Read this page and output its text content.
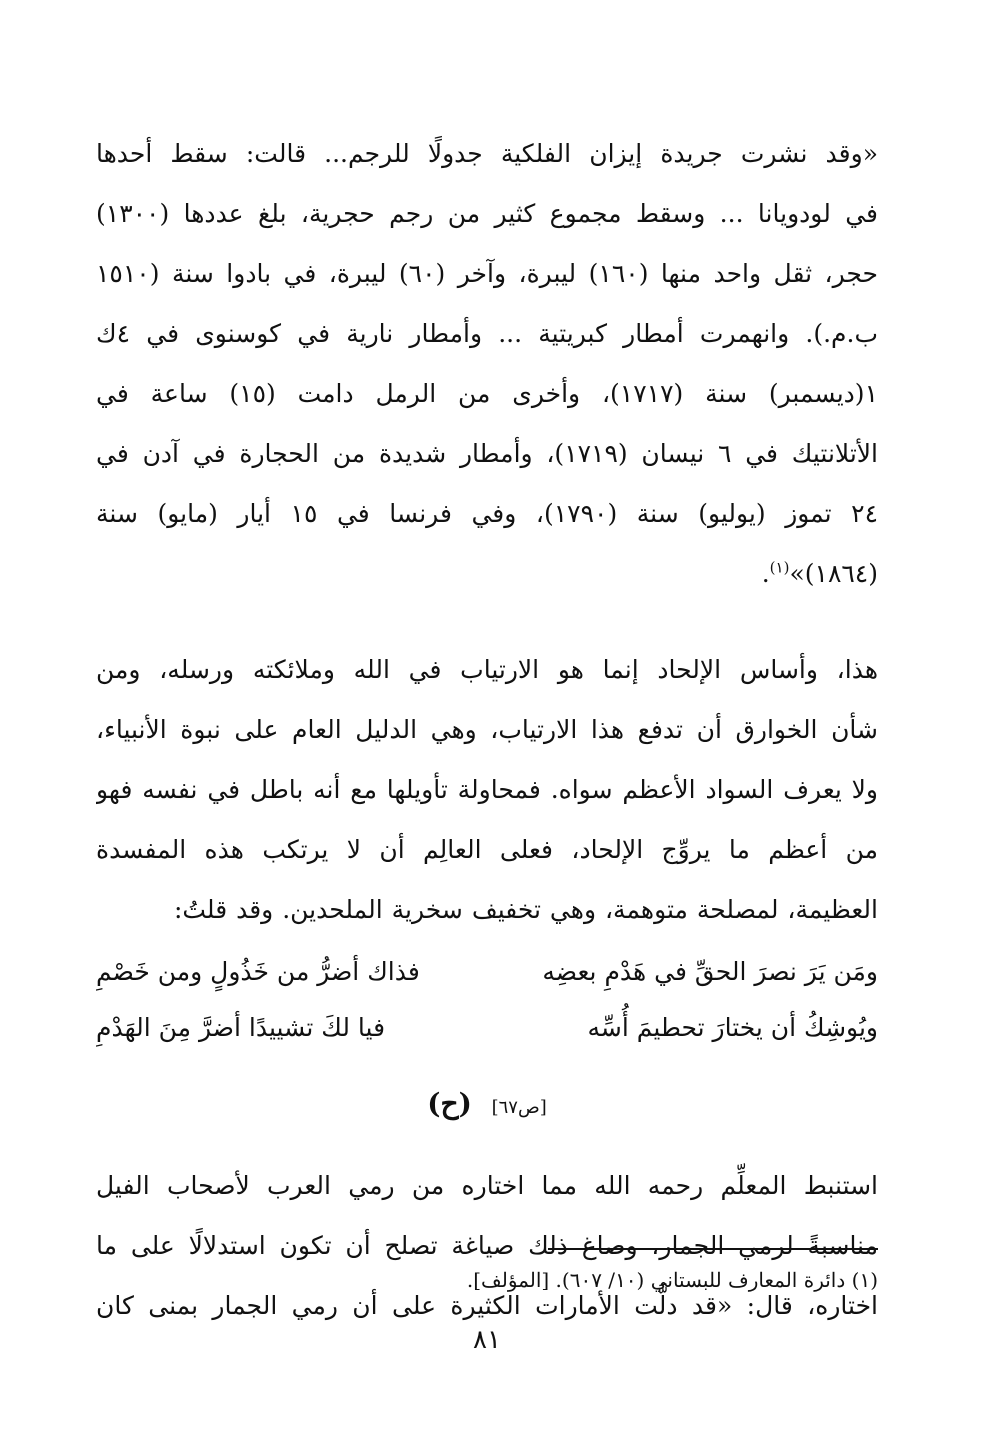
«وقد نشرت جريدة إيزان الفلكية جدولًا للرجم... قالت: سقط أحدها
في لودويانا ... وسقط مجموع كثير من رجم حجرية، بلغ عددها (١٣٠٠)
حجر، ثقل واحد منها (١٦٠) ليبرة، وآخر (٦٠) ليبرة، في بادوا سنة (١٥١٠
ب.م.). وانهمرت أمطار كبريتية ... وأمطار نارية في كوسنوى في ٤ك
١(ديسمبر) سنة (١٧١٧)، وأخرى من الرمل دامت (١٥) ساعة في
الأتلانتيك في ٦ نيسان (١٧١٩)، وأمطار شديدة من الحجارة في آدن في
٢٤ تموز (يوليو) سنة (١٧٩٠)، وفي فرنسا في ١٥ أيار (مايو) سنة
(١٨٦٤)»$^{(١)}$.

هذا، وأساس الإلحاد إنما هو الارتياب في الله وملائكته ورسله، ومن
شأن الخوارق أن تدفع هذا الارتياب، وهي الدليل العام على نبوة الأنبياء،
ولا يعرف السواد الأعظم سواه. فمحاولة تأويلها مع أنه باطل في نفسه فهو
من أعظم ما يروِّج الإلحاد، فعلى العالِم أن لا يرتكب هذه المفسدة
العظيمة، لمصلحة متوهمة، وهي تخفيف سخرية الملحدين. وقد قلتُ:

ومَن يَرَ نصرَ الحقِّ في هَدْمِ بعضِه
فذاك أضرُّ من خَذُولٍ ومن خَصْمِ
ويُوشِكُ أن يختارَ تحطيمَ أُسِّه
فيا لكَ تشييدًا أضرَّ مِنَ الهَدْمِ
[ص٦٧] (ح)

استنبط المعلِّم رحمه الله مما اختاره من رمي العرب لأصحاب الفيل
مناسبةً لرمي الجمار، وصاغ ذلك صياغة تصلح أن تكون استدلالًا على ما
اختاره، قال: «قد دلَّت الأمارات الكثيرة على أن رمي الجمار بمنى كان

(١) دائرة المعارف للبستاني (١٠/ ٦٠٧). [المؤلف].
٨١
